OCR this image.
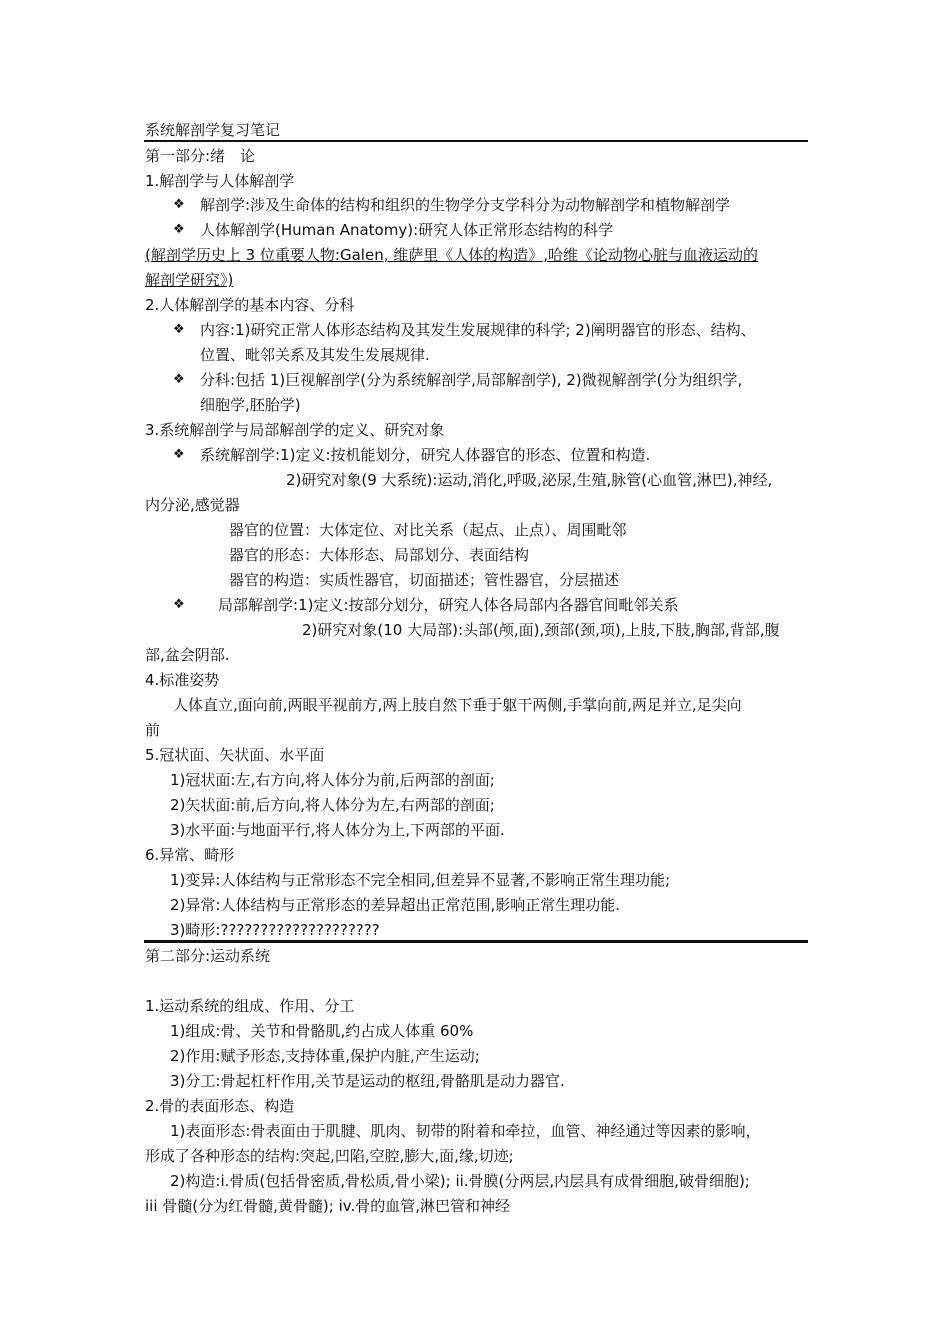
系统解剖学复习笔记
第一部分:绪　论
1.解剖学与人体解剖学
❖ 解剖学:涉及生命体的结构和组织的生物学分支学科分为动物解剖学和植物解剖学
❖ 人体解剖学(Human Anatomy):研究人体正常形态结构的科学
(解剖学历史上 3 位重要人物:Galen, 维萨里《人体的构造》,哈维《论动物心脏与血液运动的
解剖学研究》)
2.人体解剖学的基本内容、分科
❖ 内容:1)研究正常人体形态结构及其发生发展规律的科学; 2)阐明器官的形态、结构、
位置、毗邻关系及其发生发展规律.
❖ 分科:包括 1)巨视解剖学(分为系统解剖学,局部解剖学), 2)微视解剖学(分为组织学,
细胞学,胚胎学)
3.系统解剖学与局部解剖学的定义、研究对象
❖ 系统解剖学:1)定义:按机能划分，研究人体器官的形态、位置和构造.
2)研究对象(9 大系统):运动,消化,呼吸,泌尿,生殖,脉管(心血管,淋巴),神经,
内分泌,感觉器
器官的位置：大体定位、对比关系（起点、止点）、周围毗邻
器官的形态：大体形态、局部划分、表面结构
器官的构造：实质性器官，切面描述；管性器官，分层描述
❖ 局部解剖学:1)定义:按部分划分，研究人体各局部内各器官间毗邻关系
2)研究对象(10 大局部):头部(颅,面),颈部(颈,项),上肢,下肢,胸部,背部,腹
部,盆会阴部.
4.标准姿势
人体直立,面向前,两眼平视前方,两上肢自然下垂于躯干两侧,手掌向前,两足并立,足尖向
前
5.冠状面、矢状面、水平面
1)冠状面:左,右方向,将人体分为前,后两部的剖面;
2)矢状面:前,后方向,将人体分为左,右两部的剖面;
3)水平面:与地面平行,将人体分为上,下两部的平面.
6.异常、畸形
1)变异:人体结构与正常形态不完全相同,但差异不显著,不影响正常生理功能;
2)异常:人体结构与正常形态的差异超出正常范围,影响正常生理功能.
3)畸形:????????????????????
第二部分:运动系统
1.运动系统的组成、作用、分工
1)组成:骨、关节和骨骼肌,约占成人体重 60%
2)作用:赋予形态,支持体重,保护内脏,产生运动;
3)分工:骨起杠杆作用,关节是运动的枢纽,骨骼肌是动力器官.
2.骨的表面形态、构造
1)表面形态:骨表面由于肌腱、肌肉、韧带的附着和牵拉，血管、神经通过等因素的影响，
形成了各种形态的结构:突起,凹陷,空腔,膨大,面,缘,切迹;
2)构造:i.骨质(包括骨密质,骨松质,骨小梁); ii.骨膜(分两层,内层具有成骨细胞,破骨细胞);
iii 骨髓(分为红骨髓,黄骨髓); iv.骨的血管,淋巴管和神经
